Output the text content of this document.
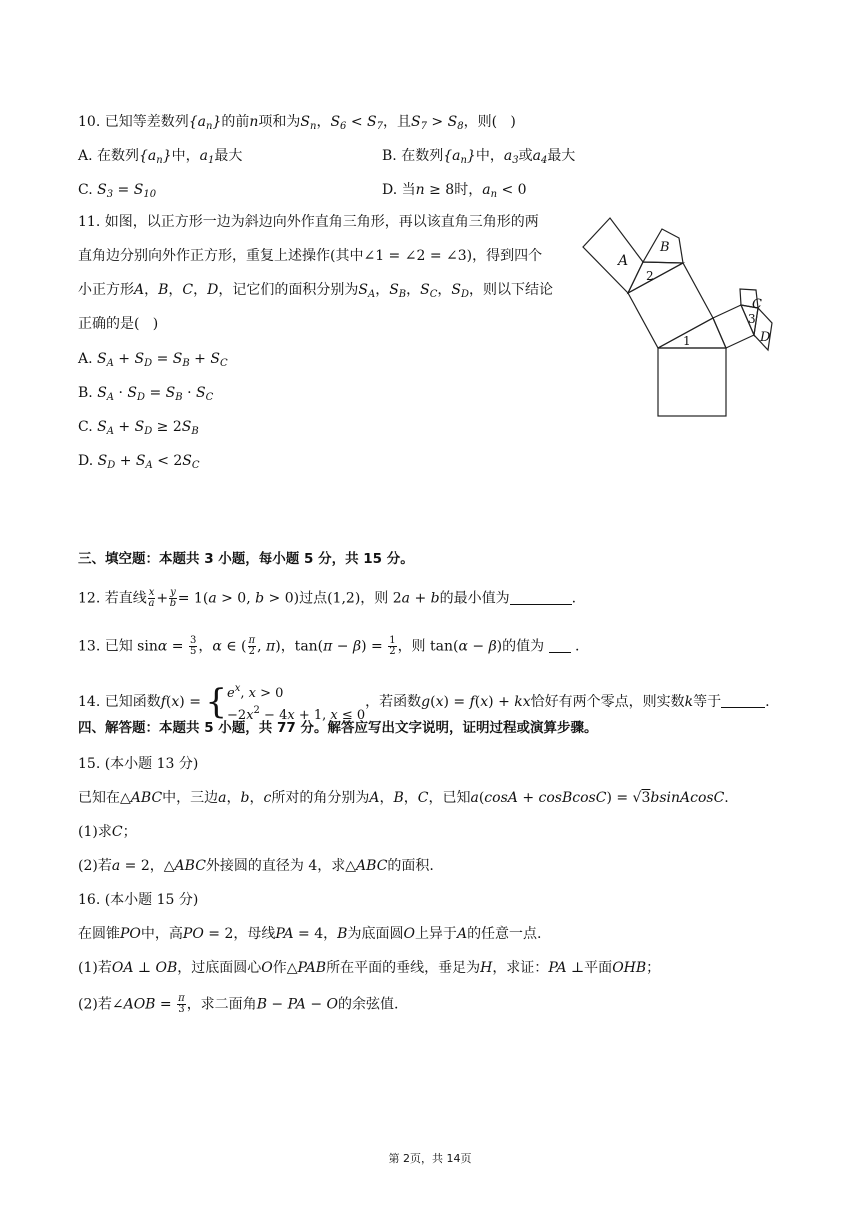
10. 已知等差数列$\{a_n\}$的前n项和为$S_n$，$S_6 < S_7$，且$S_7 > S_8$，则(   )
A. 在数列$\{a_n\}$中，$a_1$最大	B. 在数列$\{a_n\}$中，$a_3$或$a_4$最大
C. $S_3 = S_{10}$	D. 当n ≥ 8时，$a_n < 0$
11. 如图，以正方形一边为斜边向外作直角三角形，再以该直角三角形的两
直角边分别向外作正方形，重复上述操作(其中∠1 = ∠2 = ∠3)，得到四个
小正方形A，B，C，D，记它们的面积分别为$S_A$，$S_B$，$S_C$，$S_D$，则以下结论
正确的是(   )
A. $S_A + S_D = S_B + S_C$
B. $S_A \cdot S_D = S_B \cdot S_C$
C. $S_A + S_D \ge 2S_B$
D. $S_D + S_A < 2S_C$
A
B
C
D
1
2
3
三、填空题：本题共 3 小题，每小题 5 分，共 15 分。
12. 若直线 $\frac{x}{a} + \frac{y}{b} = 1(a > 0$, b > 0)过点(1,2)，则 2a + b的最小值为	.
13. 已知 $\sin\alpha = \frac{3}{5}$ ，α ∈ ( $\frac{\pi}{2}$ , π)，$\tan(\pi - \beta) = \frac{1}{2}$ ，则 tan(α − β)的值为 .
14. 已知函数f(x) = { $e^x$, x > 0
$-2x^2 - 4x + 1$, x ≤ 0
，若函数g(x) = f(x) + kx恰好有两个零点，则实数k等于	.
四、解答题：本题共 5 小题，共 77 分。解答应写出文字说明，证明过程或演算步骤。
15. (本小题 13 分)
已知在△ABC中，三边a，b，c所对的角分别为A，B，C，已知a(cosA + cosBcosC) = √3bsinAcosC.
(1)求C；
(2)若a = 2，△ABC外接圆的直径为 4，求△ABC的面积.
16. (本小题 15 分)
在圆锥PO中，高PO = 2，母线PA = 4，B为底面圆O上异于A的任意一点.
(1)若OA ⊥ OB，过底面圆心O作△PAB所在平面的垂线，垂足为H，求证：PA ⊥平面OHB；
(2)若∠AOB = $\frac{\pi}{3}$ ，求二面角B − PA − O的余弦值.
第 2页，共 14页
